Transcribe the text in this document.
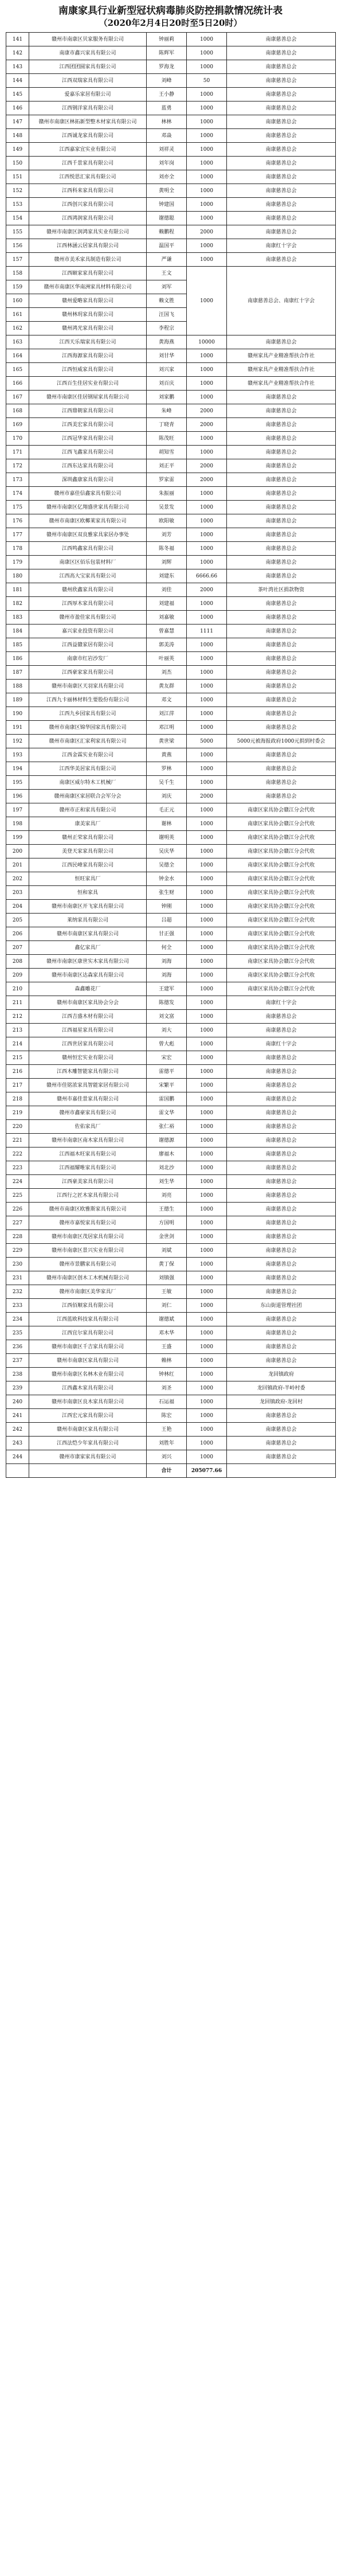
南康家具行业新型冠状病毒肺炎防控捐款情况统计表
（2020年2月4日20时至5日20时）
141	赣州市南康区贝家服务有限公司	钟丽莉	1000	南康慈善总会
142	南康市鑫兴家具有限公司	陈辉军	1000	南康慈善总会
143	江西团团圆家具有限公司	罗海龙	1000	南康慈善总会
144	江西双瑞家具有限公司	刘峰	50	南康慈善总会
145	爱嘉乐家居有限公司	王小静	1000	南康慈善总会
146	江西钢洋家具有限公司	蓝勇	1000	南康慈善总会
147	赣州市南康区林拓新型整木材家具有限公司	林林	1000	南康慈善总会
148	江西诚龙家具有限公司	邓焱	1000	南康慈善总会
149	江西嘉家宜实业有限公司	刘祥灵	1000	南康慈善总会
150	江西千景家具有限公司	刘年岗	1000	南康慈善总会
151	江西悦思汇家具有限公司	刘亦全	1000	南康慈善总会
152	江西科来家具有限公司	黄明全	1000	南康慈善总会
153	江西创兴家具有限公司	钟建国	1000	南康慈善总会
154	江西鸿润家具有限公司	谢德聪	1000	南康慈善总会
155	赣州市南康区润鸿家具实业有限公司	赖鹏程	2000	南康慈善总会
156	江西林涵云居家具有限公司	温国平	1000	南康红十字会
157	赣州市美禾家具制造有限公司	严谦	1000	南康慈善总会
158	江西颐家家具有限公司	王文	1000	南康慈善总会、南康红十字会
159	赣州市南康区华南洲家具材料有限公司	刘军		
160	赣州爱略家具有限公司	赖文胜		
161	赣州林玥家具有限公司	汪国飞		
162	赣州鸿光家具有限公司	李程宗		
163	江西天乐瑞家具有限公司	黄海燕	10000	南康慈善总会
164	江西海源家具有限公司	刘甘华	1000	赣州家具产业精准帮扶合作社
165	江西恒威家具有限公司	刘兴家	1000	赣州家具产业精准帮扶合作社
166	江西百生佳居实业有限公司	刘百庆	1000	赣州家具产业精准帮扶合作社
167	赣州市南康区佳居钢屋家具有限公司	刘家鹏	1000	南康慈善总会
168	江西鼎朝家具有限公司	朱峰	2000	南康慈善总会
169	江西美宏家具有限公司	丁晓青	2000	南康慈善总会
170	江西冠华家具有限公司	陈茂旺	1000	南康慈善总会
171	江西飞鑫家具有限公司	胡知雪	1000	南康慈善总会
172	江西东达家具有限公司	刘正平	2000	南康慈善总会
173	深圳鑫康家具有限公司	罗家雷	2000	南康慈善总会
174	赣州市嘉佳信鑫家具有限公司	朱振丽	1000	南康慈善总会
175	赣州市南康区亿翔盛世家具有限公司	吴景发	1000	南康慈善总会
176	赣州市南康区欧椰莱家具有限公司	欧阳敏	1000	南康慈善总会
177	赣州市南康区双良雅家具家居办事处	刘芳	1000	南康慈善总会
178	江西鸣鑫家具有限公司	陈冬福	1000	南康慈善总会
179	南康区区佰乐包装材料厂	刘辉	1000	南康慈善总会
180	江西高大宝家具有限公司	刘建东	6666.66	南康慈善总会
181	赣州欣鑫家具有限公司	刘佳	2000	茶叶湾社区捐款物资
182	江西厚木家具有限公司	刘建福	1000	南康慈善总会
183	赣州市盈佳家具有限公司	刘嘉敏	1000	南康慈善总会
184	嘉兴家业投资有限公司	曾嘉慧	1111	南康慈善总会
185	江西益赣家居有限公司	郭美涛	1000	南康慈善总会
186	南康市红岩沙发厂	叶丽英	1000	南康慈善总会
187	江西豪家家具有限公司	刘杰	1000	南康慈善总会
188	赣州市南康区天羽家具有限公司	黄友群	1000	南康慈善总会
189	江西九卡丽林材料生要股份有限公司	邓文	1000	南康慈善总会
190	江西九乡园家具有限公司	刘江萍	1000	南康慈善总会
191	赣州市南康区锦华园家具有限公司	邓江明	1000	南康慈善总会
192	赣州市南康区汇家利家具有限公司	黄世梁	5000	5000元被海报政府1000元捐到村委会
193	江西金霖实业有限公司	黄燕	1000	南康慈善总会
194	江西华美居家具有限公司	罗林	1000	南康慈善总会
195	南康区威尔特木工机械厂	吴千生	1000	南康慈善总会
196	赣州南康区家居联合会军分会	刘庆	2000	南康慈善总会
197	赣州市正和家具有限公司	毛正元	1000	南康区家具协会赣江分会代收
198	康美家具厂	谢林	1000	南康区家具协会赣江分会代收
199	赣州正荣家具有限公司	谢明英	1000	南康区家具协会赣江分会代收
200	美登天家家具有限公司	吴庆华	1000	南康区家具协会赣江分会代收
201	江西民峰家具有限公司	吴德全	1000	南康区家具协会赣江分会代收
202	恒旺家具厂	钟金水	1000	南康区家具协会赣江分会代收
203	恒和家具	张生财	1000	南康区家具协会赣江分会代收
204	赣州市南康区开飞家具有限公司	钟刚	1000	南康区家具协会赣江分会代收
205	莱纳家具有限公司	吕超	1000	南康区家具协会赣江分会代收
206	赣州市南康区家具有限公司	甘正强	1000	南康区家具协会赣江分会代收
207	鑫亿家具厂	何全	1000	南康区家具协会赣江分会代收
208	赣州市南康区康世实木家具有限公司	刘海	1000	南康区家具协会赣江分会代收
209	赣州市南康区达森家具有限公司	刘海	1000	南康区家具协会赣江分会代收
210	森鑫雕花厂	王建军	1000	南康区家具协会赣江分会代收
211	赣州市南康区家具协会分会	陈德发	1000	南康红十字会
212	江西吉盛木材有限公司	刘文富	1000	南康慈善总会
213	江西福星家具有限公司	刘大	1000	南康慈善总会
214	江西世居家具有限公司	曾大彪	1000	南康红十字会
215	赣州恒宏实业有限公司	宋宏	1000	南康慈善总会
216	江西木雕智能家具有限公司	雷德平	1000	南康慈善总会
217	赣州市佳铭浓家具智能家居有限公司	宋繁平	1000	南康慈善总会
218	赣州市嘉佳景家具有限公司	雷国鹏	1000	南康慈善总会
219	赣州市鑫豪家具有限公司	雷文华	1000	南康慈善总会
220	佐佑家具厂	张仁裕	1000	南康慈善总会
221	赣州市南康区南木家具有限公司	谢德源	1000	南康慈善总会
222	江西福木旺家具有限公司	廖福木	1000	南康慈善总会
223	江西福耀唯家具有限公司	刘北沙	1000	南康慈善总会
224	江西豪美家具有限公司	刘生华	1000	南康慈善总会
225	江西行之匠木家具有限公司	刘亮	1000	南康慈善总会
226	赣州市南康区欧雅斯家具有限公司	王德生	1000	南康慈善总会
227	赣州市嘉悦家具有限公司	方国明	1000	南康慈善总会
228	赣州市南康区茂居家具有限公司	金世剑	1000	南康慈善总会
229	赣州市南康区景兴实业有限公司	刘斌	1000	南康慈善总会
230	赣州市景鹏家具有限公司	黄丁保	1000	南康慈善总会
231	赣州市南康区创木工木机械有限公司	刘镇强	1000	南康慈善总会
232	赣州市南康区美华家具厂	王敏	1000	南康慈善总会
233	江西佰顺家具有限公司	刘仁	1000	东山街道管理社团
234	江西蓝欧科技家具有限公司	谢德斌	1000	南康慈善总会
235	江西宜尔家具有限公司	邓木华	1000	南康慈善总会
236	赣州市南康区千吉家具有限公司	王盛	1000	南康慈善总会
237	赣州市南康区家具有限公司	赖林	1000	南康慈善总会
238	赣州市南康区名林木业有限公司	钟林红	1000	龙回镇政府
239	江西鑫木家具有限公司	刘圣	1000	龙回镇政府-半岭村委
240	赣州市南康区良木家具有限公司	石运福	1000	龙回镇政府-龙回村
241	江西宏元家具有限公司	陈宏	1000	南康慈善总会
242	赣州市南康区家具有限公司	王艳	1000	南康慈善总会
243	江西法恺少年家具有限公司	刘胜年	1000	南康慈善总会
244	赣州市康家家具有限公司	刘兴	1000	南康慈善总会
		合计	205077.66	
